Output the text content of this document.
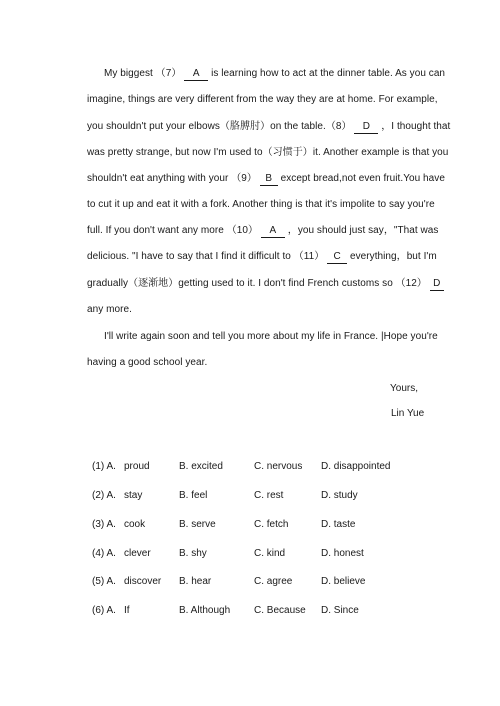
My biggest （7） A is learning how to act at the dinner table. As you can
imagine, things are very different from the way they are at home. For example,
you shouldn't put your elbows（胳膊肘）on the table.（8） D ，I thought that
was pretty strange, but now I'm used to（习惯于）it. Another example is that you
shouldn't eat anything with your （9） B except bread,not even fruit.You have
to cut it up and eat it with a fork. Another thing is that it's impolite to say you're
full. If you don't want any more （10） A ，you should just say，"That was
delicious. "I have to say that I find it difficult to （11） C everything，but I'm
gradually（逐渐地）getting used to it. I don't find French customs so （12） D
any more.
I'll write again soon and tell you more about my life in France. |Hope you're
having a good school year.
Yours,
Lin Yue
(1) A. proud	B. excited	C. nervous D. disappointed
(2) A. stay	B. feel	C. rest	D. study
(3) A. cook	B. serve	C. fetch	D. taste
(4) A. clever	B. shy	C. kind	D. honest
(5) A. discover B. hear	C. agree	D. believe
(6) A. If	B. Although C. Because D. Since
